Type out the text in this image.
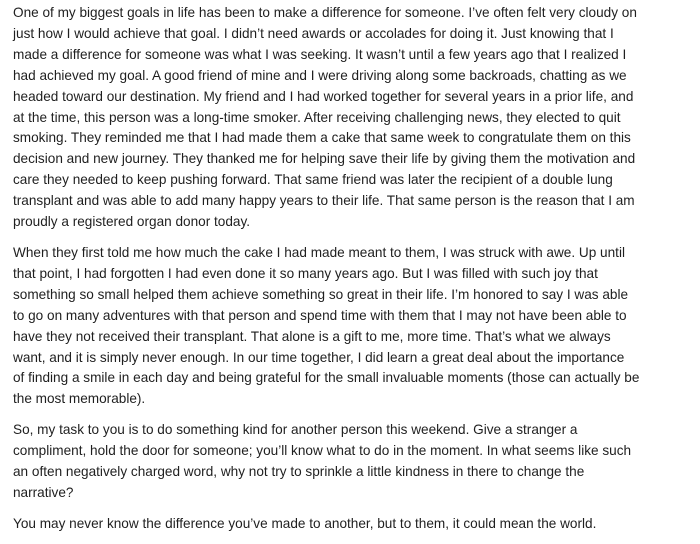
One of my biggest goals in life has been to make a difference for someone. I’ve often felt very cloudy on
just how I would achieve that goal. I didn’t need awards or accolades for doing it. Just knowing that I
made a difference for someone was what I was seeking. It wasn’t until a few years ago that I realized I
had achieved my goal. A good friend of mine and I were driving along some backroads, chatting as we
headed toward our destination. My friend and I had worked together for several years in a prior life, and
at the time, this person was a long-time smoker. After receiving challenging news, they elected to quit
smoking. They reminded me that I had made them a cake that same week to congratulate them on this
decision and new journey. They thanked me for helping save their life by giving them the motivation and
care they needed to keep pushing forward. That same friend was later the recipient of a double lung
transplant and was able to add many happy years to their life. That same person is the reason that I am
proudly a registered organ donor today.

When they first told me how much the cake I had made meant to them, I was struck with awe. Up until
that point, I had forgotten I had even done it so many years ago. But I was filled with such joy that
something so small helped them achieve something so great in their life. I’m honored to say I was able
to go on many adventures with that person and spend time with them that I may not have been able to
have they not received their transplant. That alone is a gift to me, more time. That’s what we always
want, and it is simply never enough. In our time together, I did learn a great deal about the importance
of finding a smile in each day and being grateful for the small invaluable moments (those can actually be
the most memorable).

So, my task to you is to do something kind for another person this weekend. Give a stranger a
compliment, hold the door for someone; you’ll know what to do in the moment. In what seems like such
an often negatively charged word, why not try to sprinkle a little kindness in there to change the
narrative?

You may never know the difference you’ve made to another, but to them, it could mean the world.
